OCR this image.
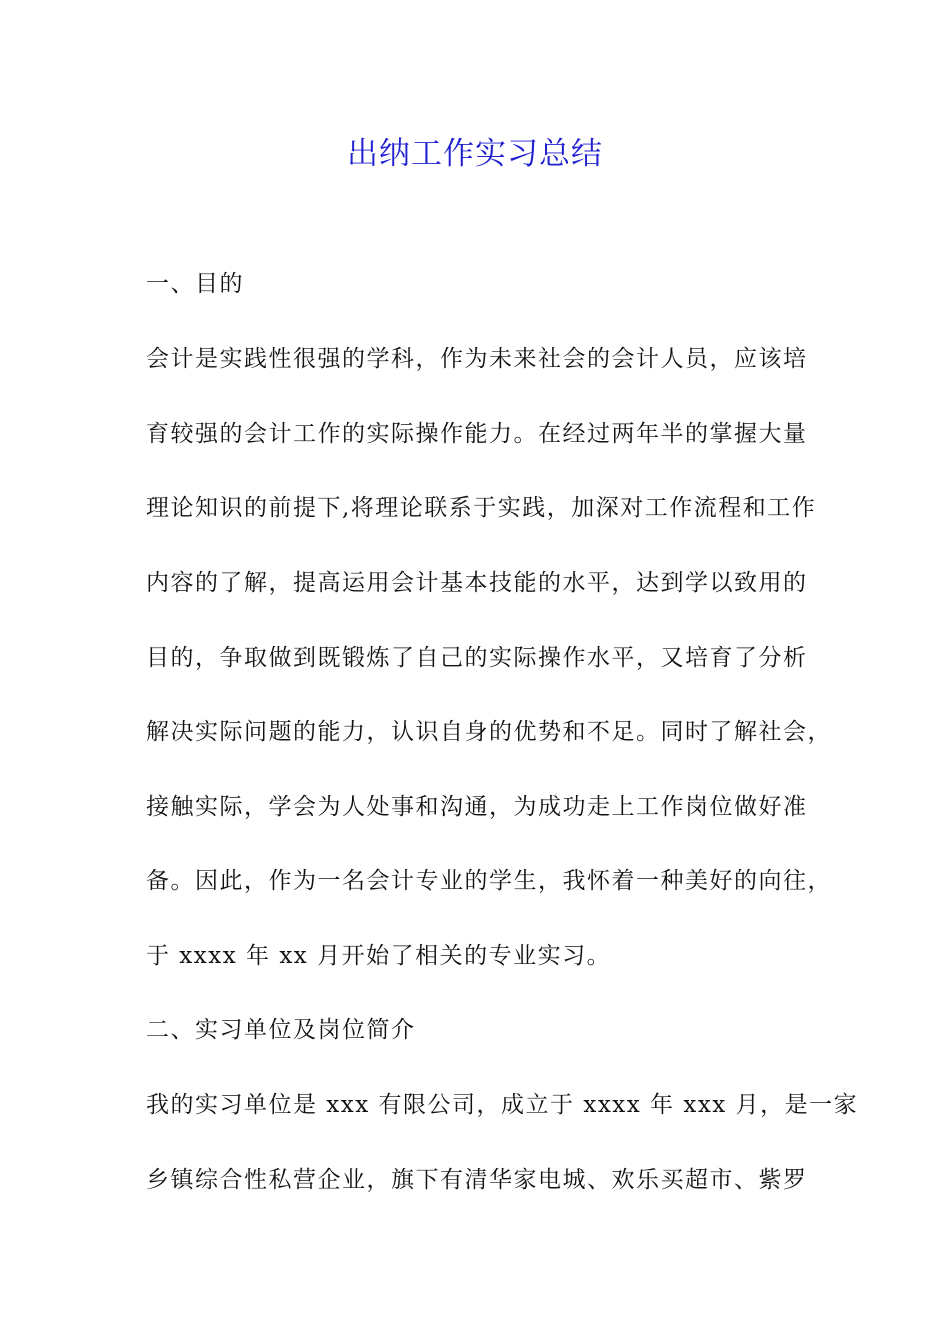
出纳工作实习总结
一、目的
会计是实践性很强的学科，作为未来社会的会计人员，应该培
育较强的会计工作的实际操作能力。在经过两年半的掌握大量
理论知识的前提下,将理论联系于实践，加深对工作流程和工作
内容的了解，提高运用会计基本技能的水平，达到学以致用的
目的，争取做到既锻炼了自己的实际操作水平，又培育了分析
解决实际问题的能力，认识自身的优势和不足。同时了解社会，
接触实际，学会为人处事和沟通，为成功走上工作岗位做好准
备。因此，作为一名会计专业的学生，我怀着一种美好的向往，
于 xxxx 年 xx 月开始了相关的专业实习。
二、实习单位及岗位简介
我的实习单位是 xxx 有限公司，成立于 xxxx 年 xxx 月，是一家
乡镇综合性私营企业，旗下有清华家电城、欢乐买超市、紫罗
